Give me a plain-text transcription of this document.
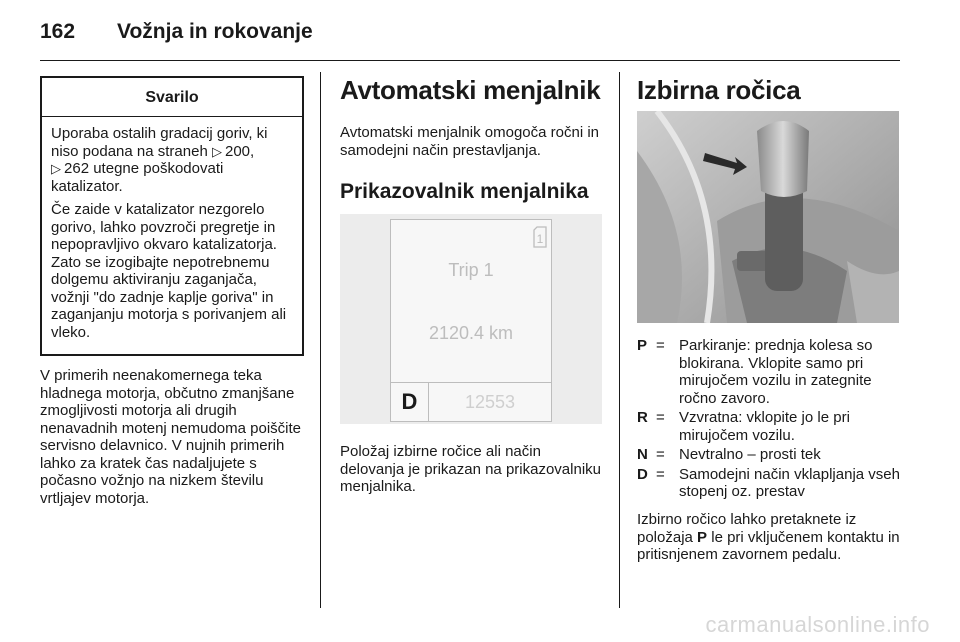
162 Vožnja in rokovanje
Svarilo

Uporaba ostalih gradacij goriv, ki niso podana na straneh ▷  200,
▷  262 utegne poškodovati katalizator.

Če zaide v katalizator nezgorelo gorivo, lahko povzroči pregretje in nepopravljivo okvaro katalizatorja. Zato se izogibajte nepotrebnemu dolgemu aktiviranju zaganjača, vožnji "do zadnje kaplje goriva" in zaganjanju motorja s porivanjem ali vleko.

V primerih neenakomernega teka hladnega motorja, občutno zmanjšane zmogljivosti motorja ali drugih nenavadnih motenj nemudoma poiščite servisno delavnico. V nujnih primerih lahko za kratek čas nadaljujete s počasno vožnjo na nizkem številu vrtljajev motorja.
Avtomatski menjalnik
Avtomatski menjalnik omogoča ročni in samodejni način prestavljanja.
Prikazovalnik menjalnika
1
Trip 1
2120.4 km
D	12553
Položaj izbirne ročice ali način delovanja je prikazan na prikazovalniku menjalnika.
Izbirna ročica
P = Parkiranje: prednja kolesa so blokirana. Vklopite samo pri mirujočem vozilu in zategnite ročno zavoro.
R = Vzvratna: vklopite jo le pri mirujočem vozilu.
N = Nevtralno – prosti tek
D = Samodejni način vklapljanja vseh stopenj oz. prestav
Izbirno ročico lahko pretaknete iz položaja P le pri vključenem kontaktu in pritisnjenem zavornem pedalu.
carmanualsonline.info
